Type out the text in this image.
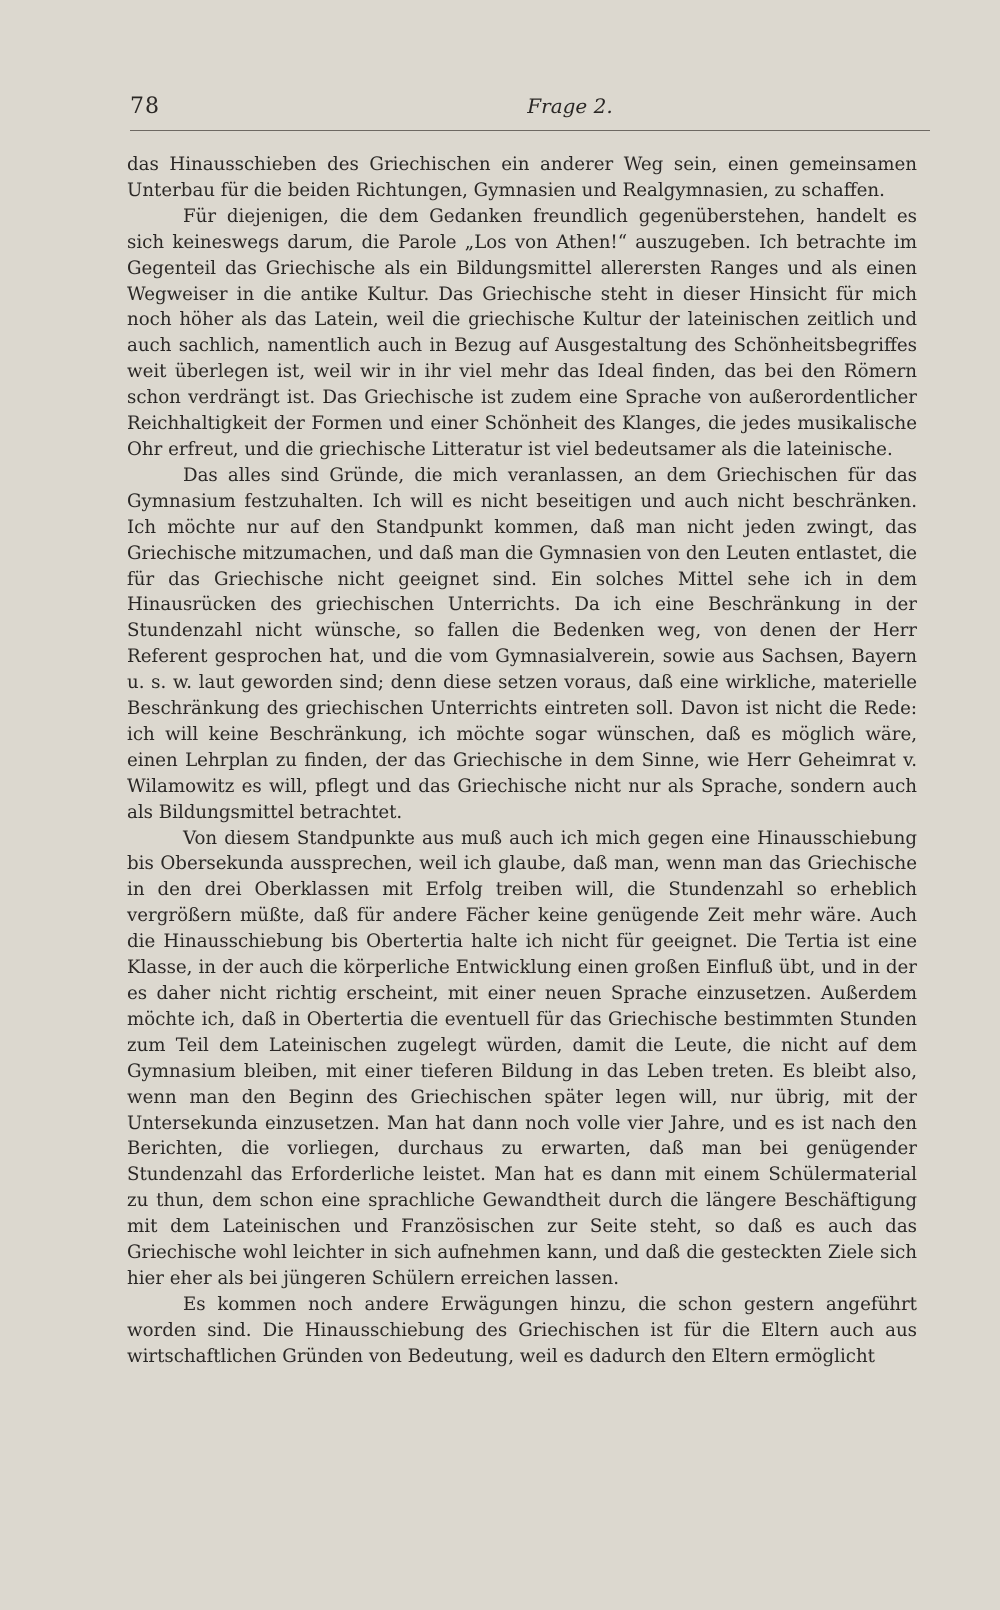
78	Frage 2.

das Hinausschieben des Griechischen ein anderer Weg sein, einen gemeinsamen Unterbau für die beiden Richtungen, Gymnasien und Realgymnasien, zu schaffen.

Für diejenigen, die dem Gedanken freundlich gegenüberstehen, handelt es sich keineswegs darum, die Parole „Los von Athen!“ auszugeben. Ich betrachte im Gegenteil das Griechische als ein Bildungsmittel allerersten Ranges und als einen Wegweiser in die antike Kultur. Das Griechische steht in dieser Hinsicht für mich noch höher als das Latein, weil die griechische Kultur der lateinischen zeitlich und auch sachlich, namentlich auch in Bezug auf Ausgestaltung des Schönheitsbegriffes weit überlegen ist, weil wir in ihr viel mehr das Ideal finden, das bei den Römern schon verdrängt ist. Das Griechische ist zudem eine Sprache von außerordentlicher Reichhaltigkeit der Formen und einer Schönheit des Klanges, die jedes musikalische Ohr erfreut, und die griechische Litteratur ist viel bedeutsamer als die lateinische.

Das alles sind Gründe, die mich veranlassen, an dem Griechischen für das Gymnasium festzuhalten. Ich will es nicht beseitigen und auch nicht beschränken. Ich möchte nur auf den Standpunkt kommen, daß man nicht jeden zwingt, das Griechische mitzumachen, und daß man die Gymnasien von den Leuten entlastet, die für das Griechische nicht geeignet sind. Ein solches Mittel sehe ich in dem Hinausrücken des griechischen Unterrichts. Da ich eine Beschränkung in der Stundenzahl nicht wünsche, so fallen die Bedenken weg, von denen der Herr Referent gesprochen hat, und die vom Gymnasialverein, sowie aus Sachsen, Bayern u. s. w. laut geworden sind; denn diese setzen voraus, daß eine wirkliche, materielle Beschränkung des griechischen Unterrichts eintreten soll. Davon ist nicht die Rede: ich will keine Beschränkung, ich möchte sogar wünschen, daß es möglich wäre, einen Lehrplan zu finden, der das Griechische in dem Sinne, wie Herr Geheimrat v. Wilamowitz es will, pflegt und das Griechische nicht nur als Sprache, sondern auch als Bildungsmittel betrachtet.

Von diesem Standpunkte aus muß auch ich mich gegen eine Hinausschiebung bis Obersekunda aussprechen, weil ich glaube, daß man, wenn man das Griechische in den drei Oberklassen mit Erfolg treiben will, die Stundenzahl so erheblich vergrößern müßte, daß für andere Fächer keine genügende Zeit mehr wäre. Auch die Hinausschiebung bis Obertertia halte ich nicht für geeignet. Die Tertia ist eine Klasse, in der auch die körperliche Entwicklung einen großen Einfluß übt, und in der es daher nicht richtig erscheint, mit einer neuen Sprache einzusetzen. Außerdem möchte ich, daß in Obertertia die eventuell für das Griechische bestimmten Stunden zum Teil dem Lateinischen zugelegt würden, damit die Leute, die nicht auf dem Gymnasium bleiben, mit einer tieferen Bildung in das Leben treten. Es bleibt also, wenn man den Beginn des Griechischen später legen will, nur übrig, mit der Untersekunda einzusetzen. Man hat dann noch volle vier Jahre, und es ist nach den Berichten, die vorliegen, durchaus zu erwarten, daß man bei genügender Stundenzahl das Erforderliche leistet. Man hat es dann mit einem Schülermaterial zu thun, dem schon eine sprachliche Gewandtheit durch die längere Beschäftigung mit dem Lateinischen und Französischen zur Seite steht, so daß es auch das Griechische wohl leichter in sich aufnehmen kann, und daß die gesteckten Ziele sich hier eher als bei jüngeren Schülern erreichen lassen.

Es kommen noch andere Erwägungen hinzu, die schon gestern angeführt worden sind. Die Hinausschiebung des Griechischen ist für die Eltern auch aus wirtschaftlichen Gründen von Bedeutung, weil es dadurch den Eltern ermöglicht
